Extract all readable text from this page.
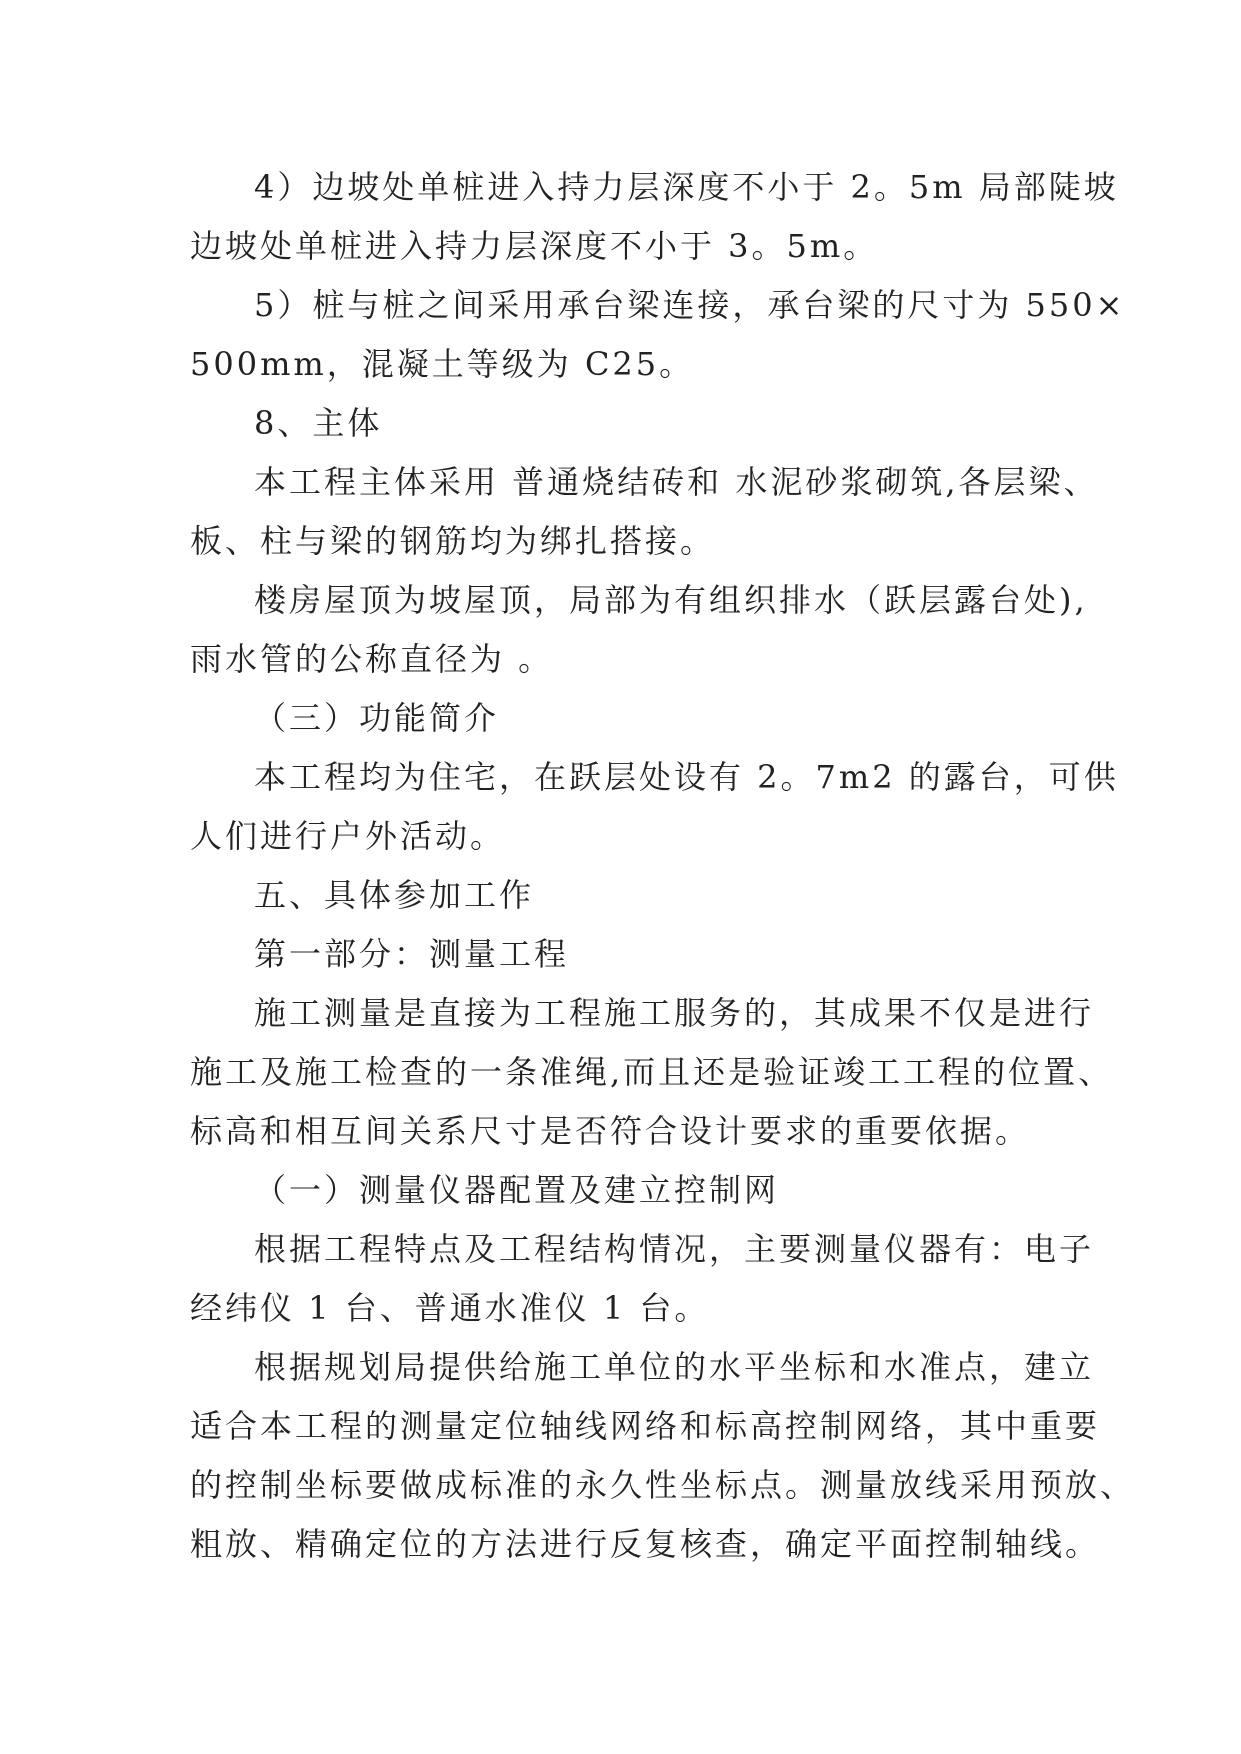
4）边坡处单桩进入持力层深度不小于 2。5m 局部陡坡
边坡处单桩进入持力层深度不小于 3。5m。
5）桩与桩之间采用承台梁连接，承台梁的尺寸为 550×
500mm，混凝土等级为 C25。
8、主体
本工程主体采用 普通烧结砖和 水泥砂浆砌筑,各层梁、
板、柱与梁的钢筋均为绑扎搭接。
楼房屋顶为坡屋顶，局部为有组织排水（跃层露台处),
雨水管的公称直径为 。
（三）功能简介
本工程均为住宅，在跃层处设有 2。7m2 的露台，可供
人们进行户外活动。
五、具体参加工作
第一部分：测量工程
施工测量是直接为工程施工服务的，其成果不仅是进行
施工及施工检查的一条准绳,而且还是验证竣工工程的位置、
标高和相互间关系尺寸是否符合设计要求的重要依据。
（一）测量仪器配置及建立控制网
根据工程特点及工程结构情况，主要测量仪器有：电子
经纬仪 1 台、普通水准仪 1 台。
根据规划局提供给施工单位的水平坐标和水准点，建立
适合本工程的测量定位轴线网络和标高控制网络，其中重要
的控制坐标要做成标准的永久性坐标点。测量放线采用预放、
粗放、精确定位的方法进行反复核查，确定平面控制轴线。
